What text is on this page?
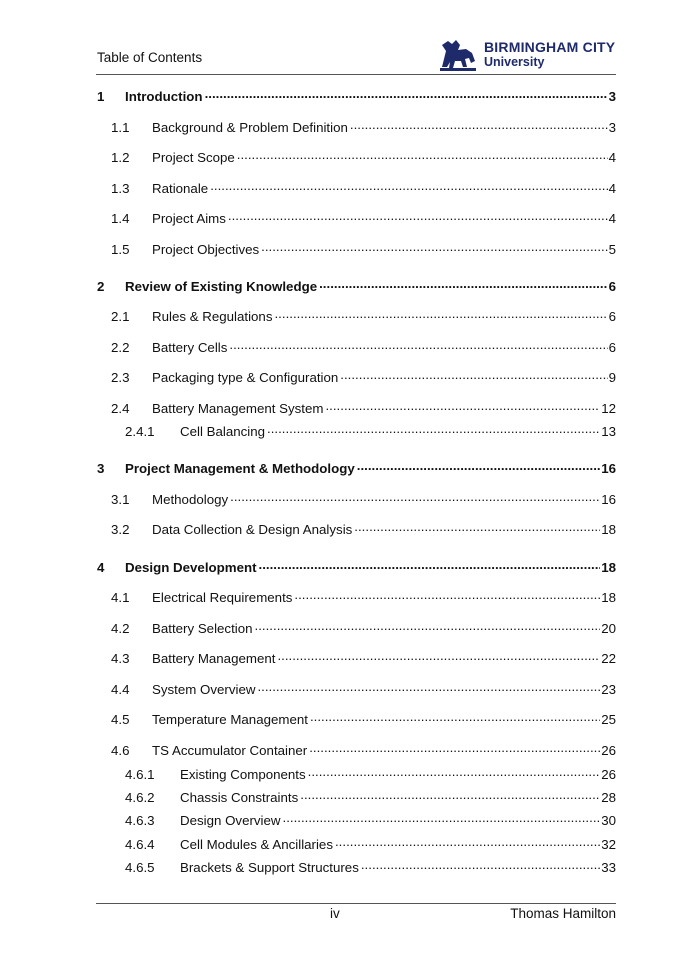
Table of Contents
BIRMINGHAM CITY
University
1 Introduction .....	3
1.1 Background & Problem Definition .....	3
1.2 Project Scope .....	4
1.3 Rationale .....	4
1.4 Project Aims .....	4
1.5 Project Objectives .....	5
2 Review of Existing Knowledge .....	6
2.1 Rules & Regulations .....	6
2.2 Battery Cells .....	6
2.3 Packaging type & Configuration .....	9
2.4 Battery Management System .....	12
2.4.1 Cell Balancing .....	13
3 Project Management & Methodology .....	16
3.1 Methodology .....	16
3.2 Data Collection & Design Analysis .....	18
4 Design Development .....	18
4.1 Electrical Requirements .....	18
4.2 Battery Selection .....	20
4.3 Battery Management .....	22
4.4 System Overview .....	23
4.5 Temperature Management .....	25
4.6 TS Accumulator Container .....	26
4.6.1 Existing Components .....	26
4.6.2 Chassis Constraints .....	28
4.6.3 Design Overview .....	30
4.6.4 Cell Modules & Ancillaries .....	32
4.6.5 Brackets & Support Structures .....	33
iv	Thomas Hamilton
